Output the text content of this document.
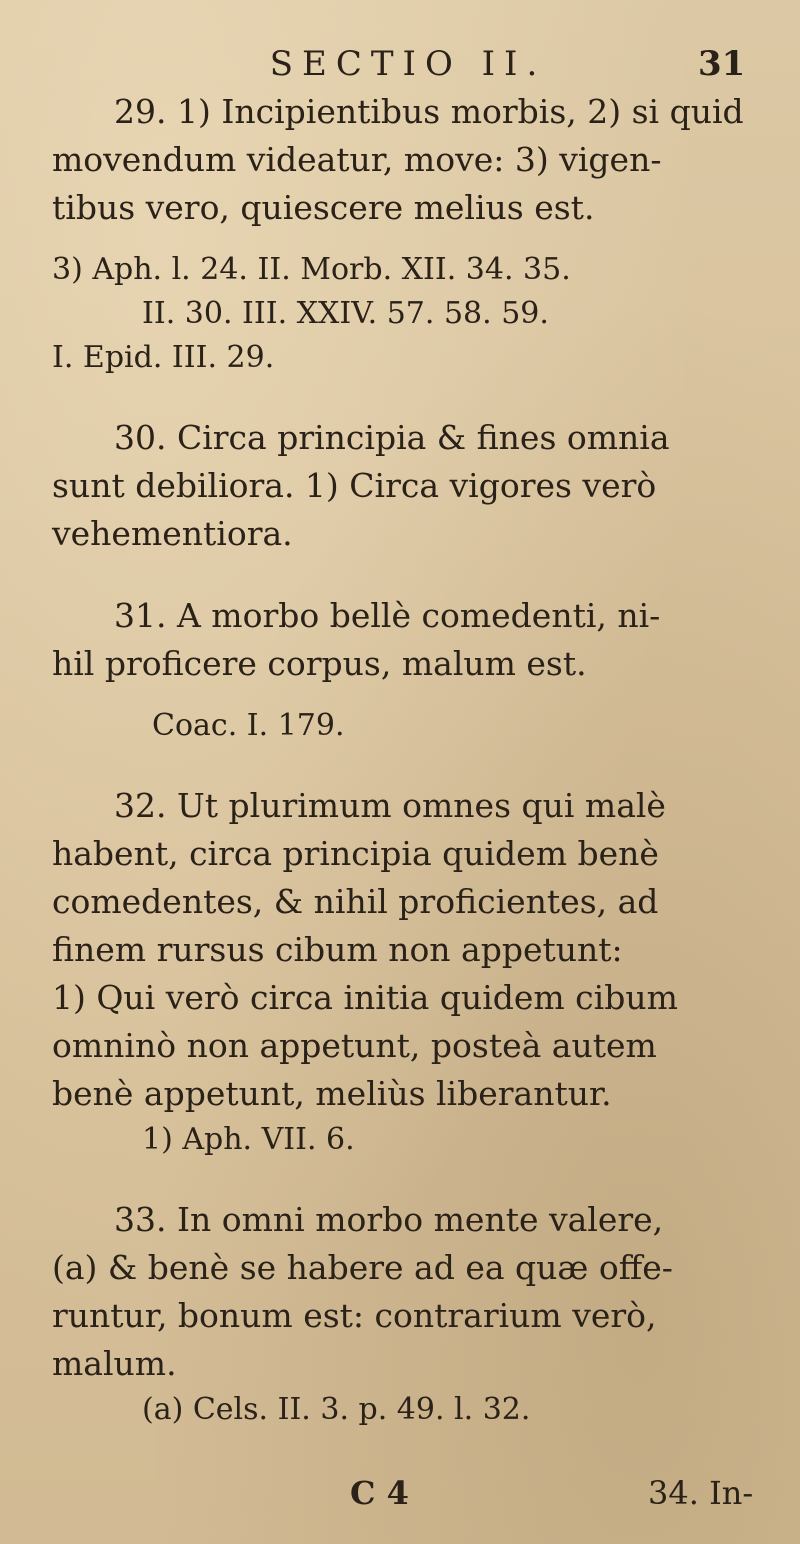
SECTIO II.	31

29. 1) Incipientibus morbis, 2) si quid
movendum videatur, move: 3) vigen-
tibus vero, quiescere melius est.

3) Aph. l. 24. II. Morb. XII. 34. 35.
II. 30. III. XXIV. 57. 58. 59.
I. Epid. III. 29.

30. Circa principia & fines omnia
sunt debiliora. 1) Circa vigores verò
vehementiora.

31. A morbo bellè comedenti, ni-
hil proficere corpus, malum est.

Coac. I. 179.

32. Ut plurimum omnes qui malè
habent, circa principia quidem benè
comedentes, & nihil proficientes, ad
finem rursus cibum non appetunt:
1) Qui verò circa initia quidem cibum
omninò non appetunt, posteà autem
benè appetunt, meliùs liberantur.

1) Aph. VII. 6.

33. In omni morbo mente valere,
(a) & benè se habere ad ea quæ offe-
runtur, bonum est: contrarium verò,
malum.

(a) Cels. II. 3. p. 49. l. 32.
C 4	34. In-
